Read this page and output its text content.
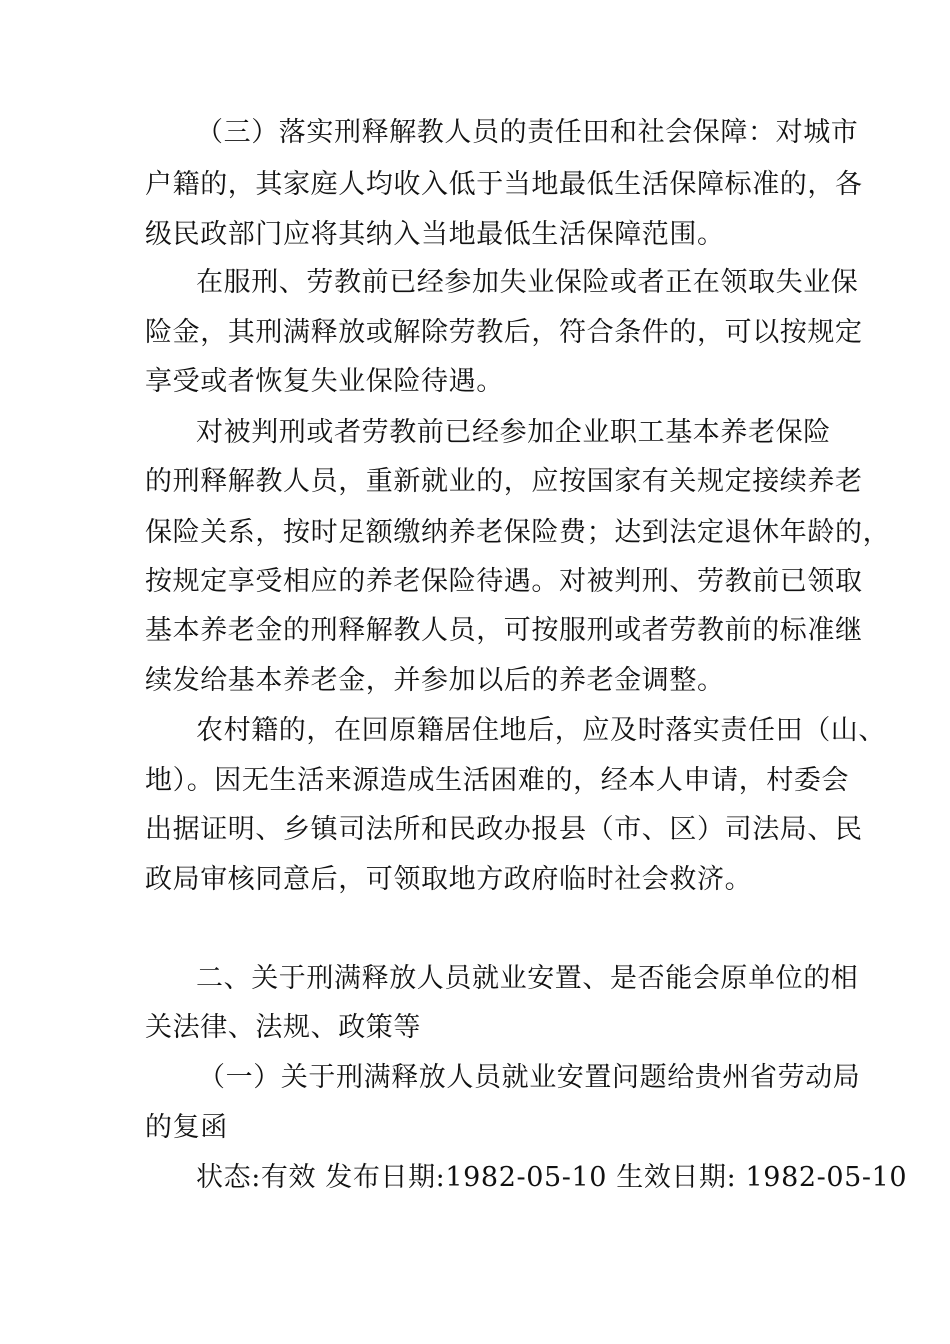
（三）落实刑释解教人员的责任田和社会保障：对城市
户籍的，其家庭人均收入低于当地最低生活保障标准的，各
级民政部门应将其纳入当地最低生活保障范围。
在服刑、劳教前已经参加失业保险或者正在领取失业保
险金，其刑满释放或解除劳教后，符合条件的，可以按规定
享受或者恢复失业保险待遇。
对被判刑或者劳教前已经参加企业职工基本养老保险
的刑释解教人员，重新就业的，应按国家有关规定接续养老
保险关系，按时足额缴纳养老保险费；达到法定退休年龄的，
按规定享受相应的养老保险待遇。对被判刑、劳教前已领取
基本养老金的刑释解教人员，可按服刑或者劳教前的标准继
续发给基本养老金，并参加以后的养老金调整。
农村籍的，在回原籍居住地后，应及时落实责任田（山、
地）。因无生活来源造成生活困难的，经本人申请，村委会
出据证明、乡镇司法所和民政办报县（市、区）司法局、民
政局审核同意后，可领取地方政府临时社会救济。
二、关于刑满释放人员就业安置、是否能会原单位的相
关法律、法规、政策等
（一）关于刑满释放人员就业安置问题给贵州省劳动局
的复函
状态:有效 发布日期:1982-05-10 生效日期: 1982-05-10
